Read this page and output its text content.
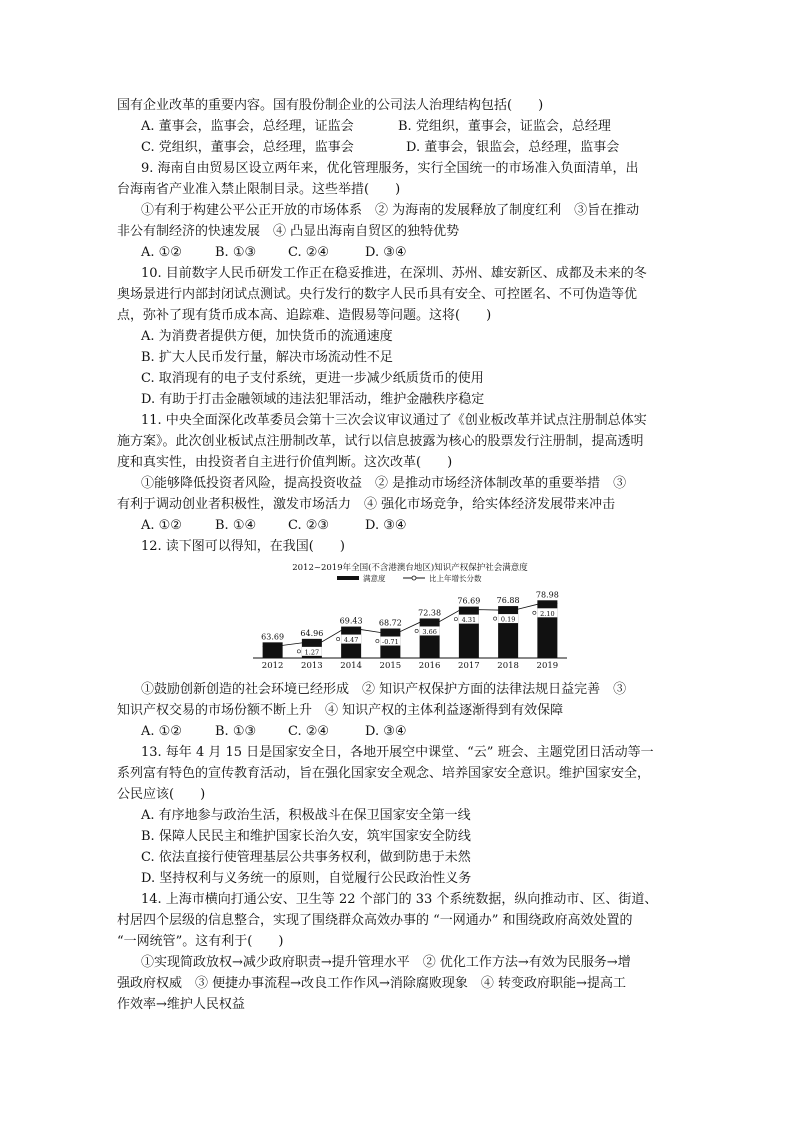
国有企业改革的重要内容。国有股份制企业的公司法人治理结构包括(　　)
A. 董事会，监事会，总经理，证监会	B. 党组织，董事会，证监会，总经理
C. 党组织，董事会，总经理，监事会	D. 董事会，银监会，总经理，监事会
9. 海南自由贸易区设立两年来，优化管理服务，实行全国统一的市场准入负面清单，出
台海南省产业准入禁止限制目录。这些举措(　　)
①有利于构建公平公正开放的市场体系　② 为海南的发展释放了制度红利　③旨在推动
非公有制经济的快速发展　④ 凸显出海南自贸区的独特优势
A. ①②	B. ①③ C. ②④	D. ③④
10. 目前数字人民币研发工作正在稳妥推进，在深圳、苏州、雄安新区、成都及未来的冬
奥场景进行内部封闭试点测试。央行发行的数字人民币具有安全、可控匿名、不可伪造等优
点，弥补了现有货币成本高、追踪难、造假易等问题。这将(　　)
A. 为消费者提供方便，加快货币的流通速度
B. 扩大人民币发行量，解决市场流动性不足
C. 取消现有的电子支付系统，更进一步减少纸质货币的使用
D. 有助于打击金融领域的违法犯罪活动，维护金融秩序稳定
11. 中央全面深化改革委员会第十三次会议审议通过了《创业板改革并试点注册制总体实
施方案》。此次创业板试点注册制改革，试行以信息披露为核心的股票发行注册制，提高透明
度和真实性，由投资者自主进行价值判断。这次改革(　　)
①能够降低投资者风险，提高投资收益　② 是推动市场经济体制改革的重要举措　③
有利于调动创业者积极性，激发市场活力　④ 强化市场竞争，给实体经济发展带来冲击
A. ①②	B. ①④ C. ②③	D. ③④
12. 读下图可以得知，在我国(　　)
2012~2019年全国(不含港澳台地区)知识产权保护社会满意度
满意度	比上年增长分数
63.69 64.96
69.43 68.72
72.38
76.69 76.88
78.98
1.27
4.47	-0.71
3.66
4.31	0.19
2.10
2012 2013 2014 2015 2016 2017 2018 2019
①鼓励创新创造的社会环境已经形成　② 知识产权保护方面的法律法规日益完善　③
知识产权交易的市场份额不断上升　④ 知识产权的主体利益逐渐得到有效保障
A. ①②	B. ①③ C. ②④	D. ③④
13. 每年 4 月 15 日是国家安全日，各地开展空中课堂、“云” 班会、主题党团日活动等一
系列富有特色的宣传教育活动，旨在强化国家安全观念、培养国家安全意识。维护国家安全，
公民应该(　　)
A. 有序地参与政治生活，积极战斗在保卫国家安全第一线
B. 保障人民民主和维护国家长治久安，筑牢国家安全防线
C. 依法直接行使管理基层公共事务权利，做到防患于未然
D. 坚持权利与义务统一的原则，自觉履行公民政治性义务
14. 上海市横向打通公安、卫生等 22 个部门的 33 个系统数据，纵向推动市、区、街道、
村居四个层级的信息整合，实现了围绕群众高效办事的 “一网通办” 和围绕政府高效处置的
“一网统管”。这有利于(　　)
①实现简政放权→减少政府职责→提升管理水平　② 优化工作方法→有效为民服务→增
强政府权威　③ 便捷办事流程→改良工作作风→消除腐败现象　④ 转变政府职能→提高工
作效率→维护人民权益
